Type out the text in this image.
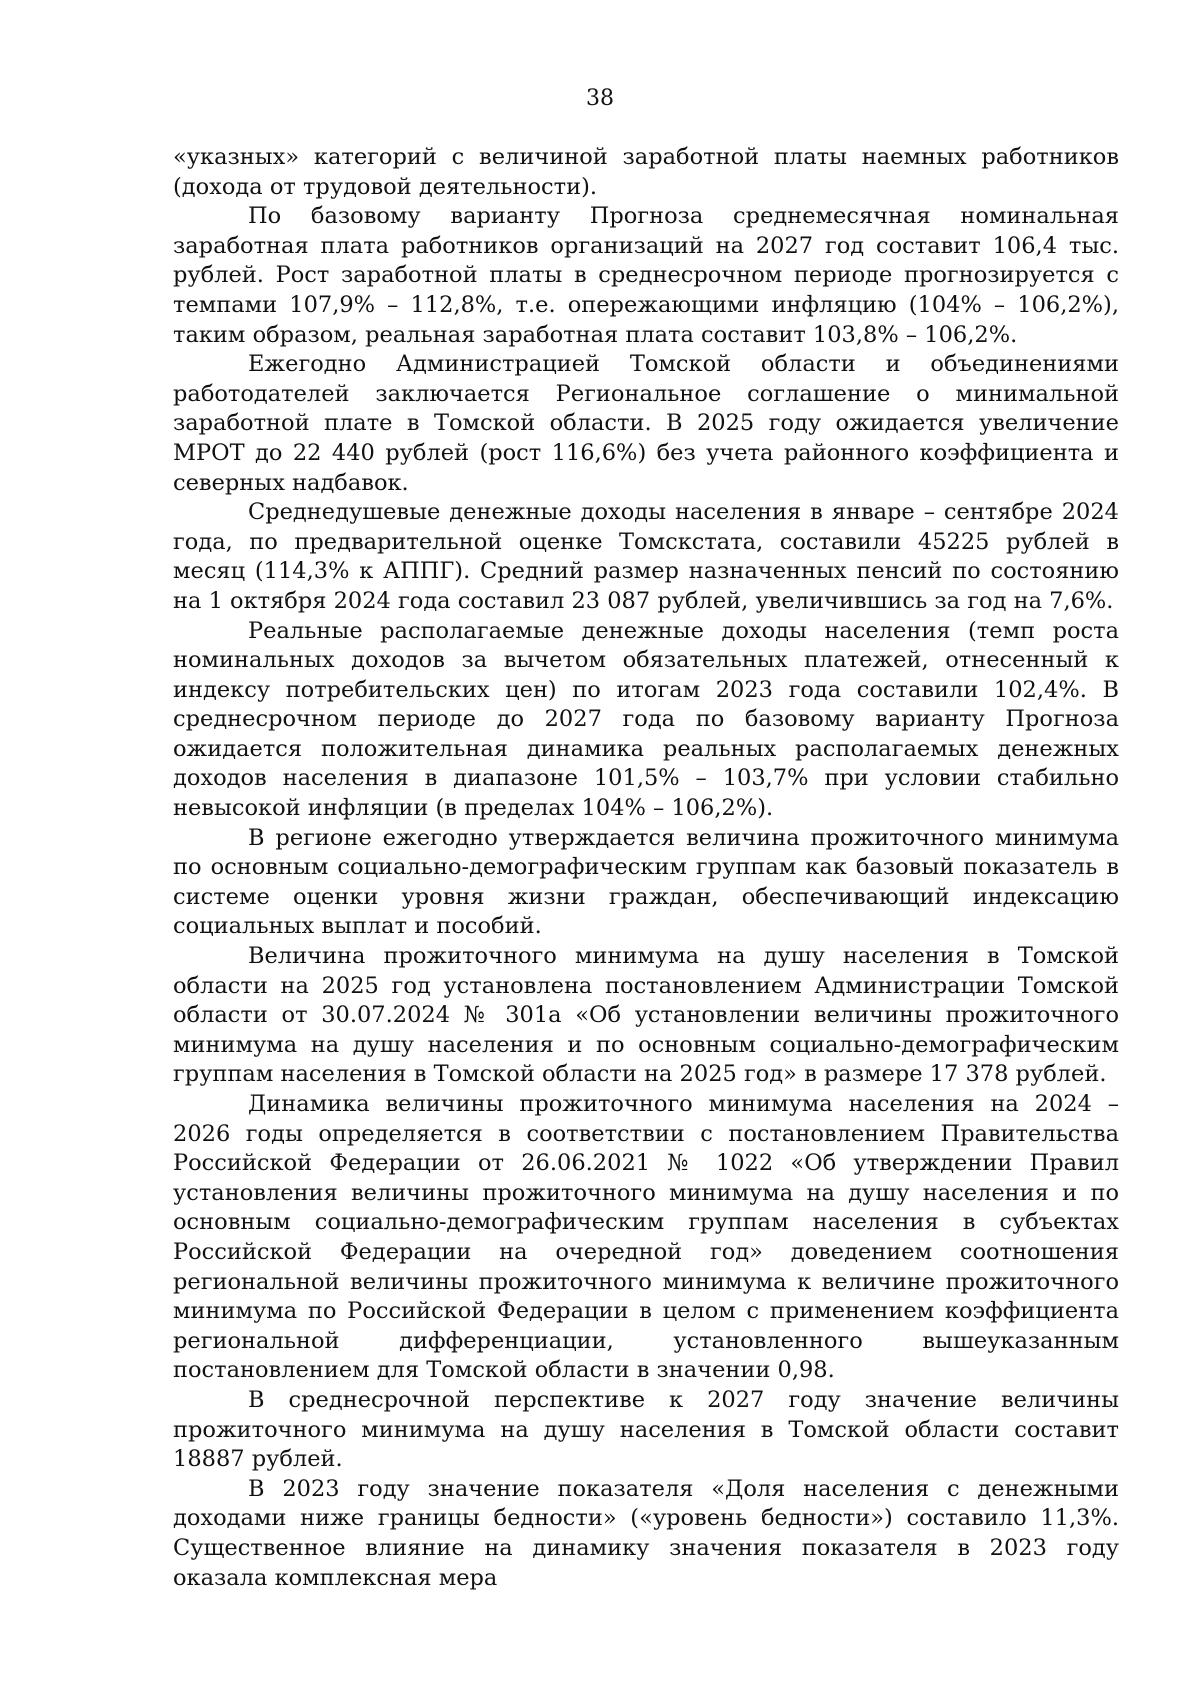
38

«указных» категорий с величиной заработной платы наемных работников (дохода от трудовой деятельности).

По базовому варианту Прогноза среднемесячная номинальная заработная плата работников организаций на 2027 год составит 106,4 тыс. рублей. Рост заработной платы в среднесрочном периоде прогнозируется с темпами 107,9% – 112,8%, т.е. опережающими инфляцию (104% – 106,2%), таким образом, реальная заработная плата составит 103,8% – 106,2%.

Ежегодно Администрацией Томской области и объединениями работодателей заключается Региональное соглашение о минимальной заработной плате в Томской области. В 2025 году ожидается увеличение МРОТ до 22 440 рублей (рост 116,6%) без учета районного коэффициента и северных надбавок.

Среднедушевые денежные доходы населения в январе – сентябре 2024 года, по предварительной оценке Томскстата, составили 45225 рублей в месяц (114,3% к АППГ). Средний размер назначенных пенсий по состоянию на 1 октября 2024 года составил 23 087 рублей, увеличившись за год на 7,6%.

Реальные располагаемые денежные доходы населения (темп роста номинальных доходов за вычетом обязательных платежей, отнесенный к индексу потребительских цен) по итогам 2023 года составили 102,4%. В среднесрочном периоде до 2027 года по базовому варианту Прогноза ожидается положительная динамика реальных располагаемых денежных доходов населения в диапазоне 101,5% – 103,7% при условии стабильно невысокой инфляции (в пределах 104% – 106,2%).

В регионе ежегодно утверждается величина прожиточного минимума по основным социально-демографическим группам как базовый показатель в системе оценки уровня жизни граждан, обеспечивающий индексацию социальных выплат и пособий.

Величина прожиточного минимума на душу населения в Томской области на 2025 год установлена постановлением Администрации Томской области от 30.07.2024 № 301а «Об установлении величины прожиточного минимума на душу населения и по основным социально-демографическим группам населения в Томской области на 2025 год» в размере 17 378 рублей.

Динамика величины прожиточного минимума населения на 2024 – 2026 годы определяется в соответствии с постановлением Правительства Российской Федерации от 26.06.2021 № 1022 «Об утверждении Правил установления величины прожиточного минимума на душу населения и по основным социально-демографическим группам населения в субъектах Российской Федерации на очередной год» доведением соотношения региональной величины прожиточного минимума к величине прожиточного минимума по Российской Федерации в целом с применением коэффициента региональной дифференциации, установленного вышеуказанным постановлением для Томской области в значении 0,98.

В среднесрочной перспективе к 2027 году значение величины прожиточного минимума на душу населения в Томской области составит 18887 рублей.

В 2023 году значение показателя «Доля населения с денежными доходами ниже границы бедности» («уровень бедности») составило 11,3%. Существенное влияние на динамику значения показателя в 2023 году оказала комплексная мера
